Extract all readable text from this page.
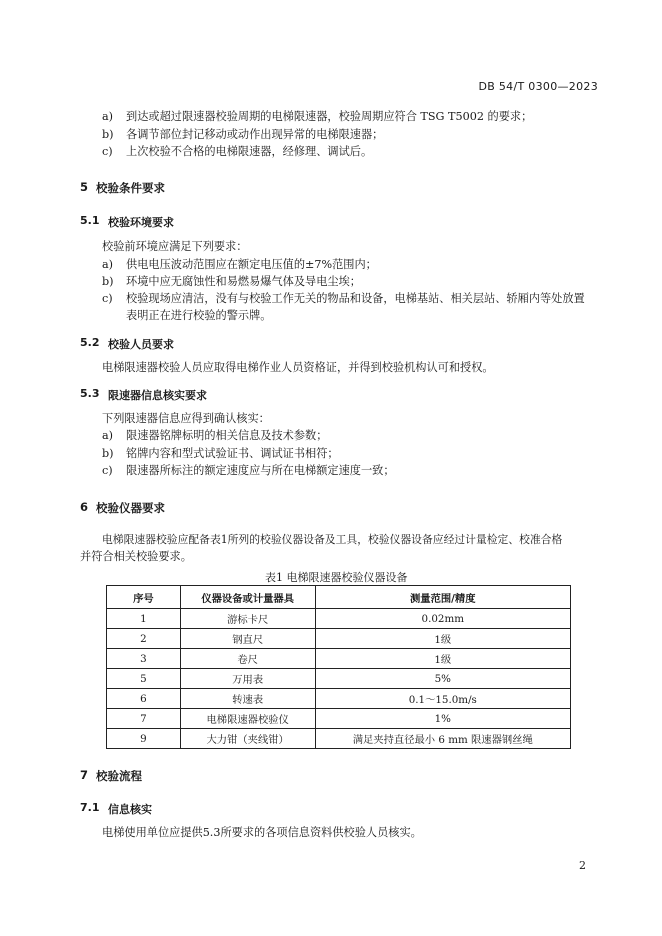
DB 54/T 0300—2023
a) 到达或超过限速器校验周期的电梯限速器，校验周期应符合 TSG T5002 的要求；
b) 各调节部位封记移动或动作出现异常的电梯限速器；
c) 上次校验不合格的电梯限速器，经修理、调试后。
5 校验条件要求
5.1 校验环境要求
校验前环境应满足下列要求：
a) 供电电压波动范围应在额定电压值的±7%范围内；
b) 环境中应无腐蚀性和易燃易爆气体及导电尘埃；
c) 校验现场应清洁，没有与校验工作无关的物品和设备，电梯基站、相关层站、轿厢内等处放置
表明正在进行校验的警示牌。
5.2 校验人员要求
电梯限速器校验人员应取得电梯作业人员资格证，并得到校验机构认可和授权。
5.3 限速器信息核实要求
下列限速器信息应得到确认核实：
a) 限速器铭牌标明的相关信息及技术参数；
b) 铭牌内容和型式试验证书、调试证书相符；
c) 限速器所标注的额定速度应与所在电梯额定速度一致；
6 校验仪器要求
电梯限速器校验应配备表1所列的校验仪器设备及工具，校验仪器设备应经过计量检定、校准合格
并符合相关校验要求。
表1 电梯限速器校验仪器设备
序号	仪器设备或计量器具	测量范围/精度
1	游标卡尺	0.02mm
2	钢直尺	1级
3	卷尺	1级
5	万用表	5%
6	转速表	0.1～15.0m/s
7	电梯限速器校验仪	1%
9	大力钳（夹线钳）	满足夹持直径最小 6 mm 限速器钢丝绳
7 校验流程
7.1 信息核实
电梯使用单位应提供5.3所要求的各项信息资料供校验人员核实。
2
